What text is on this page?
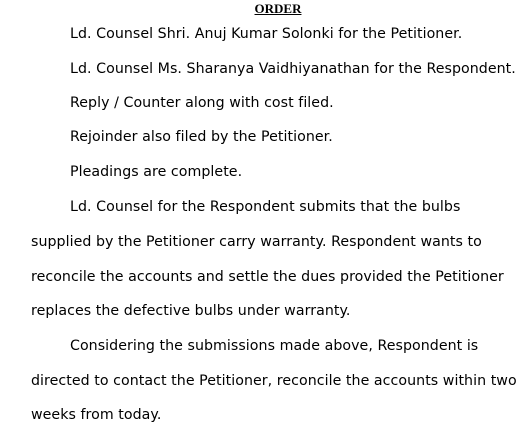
ORDER
Ld. Counsel Shri. Anuj Kumar Solonki for the Petitioner.
Ld. Counsel Ms. Sharanya Vaidhiyanathan for the Respondent.
Reply / Counter along with cost filed.
Rejoinder also filed by the Petitioner.
Pleadings are complete.
Ld. Counsel for the Respondent submits that the bulbs
supplied by the Petitioner carry warranty. Respondent wants to
reconcile the accounts and settle the dues provided the Petitioner
replaces the defective bulbs under warranty.
Considering the submissions made above, Respondent is
directed to contact the Petitioner, reconcile the accounts within two
weeks from today.
